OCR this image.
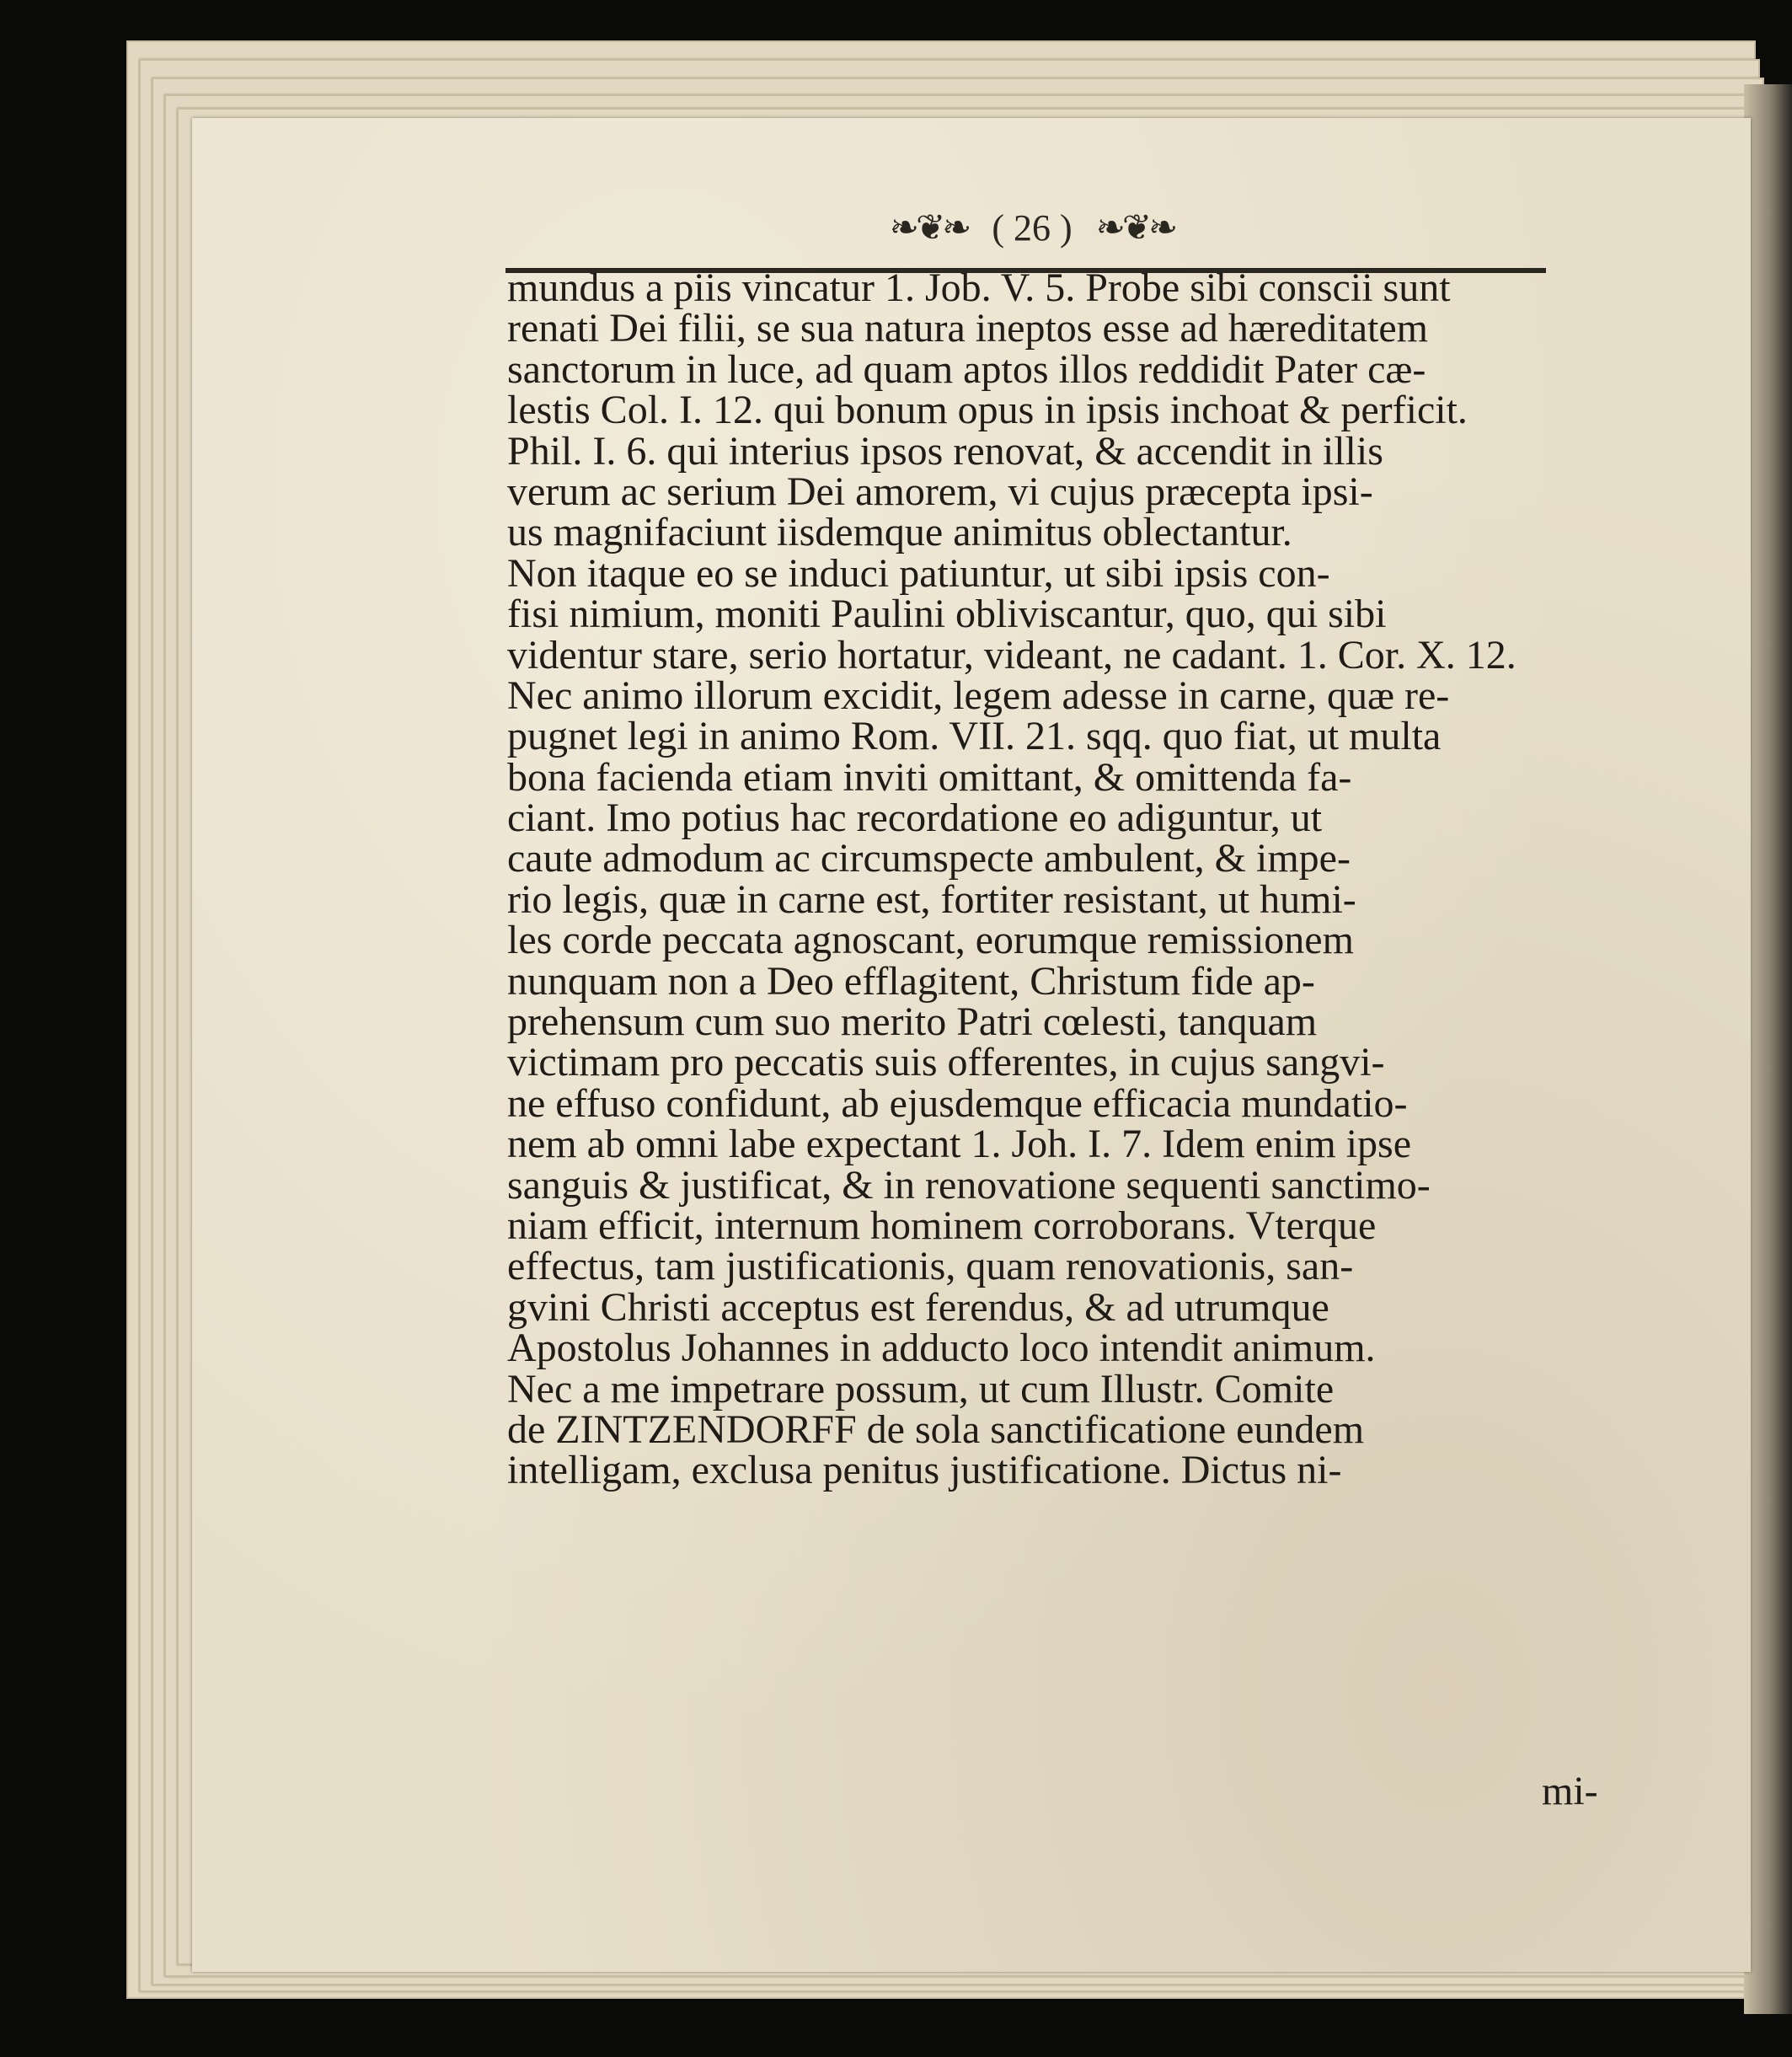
❧❦❧ ( 26 ) ❧❦❧
mundus a piis vincatur 1. Job. V. 5. Probe sibi conscii sunt
renati Dei filii, se sua natura ineptos esse ad hæreditatem
sanctorum in luce, ad quam aptos illos reddidit Pater cæ-
lestis Col. I. 12. qui bonum opus in ipsis inchoat & perficit.
Phil. I. 6. qui interius ipsos renovat, & accendit in illis
verum ac serium Dei amorem, vi cujus præcepta ipsi-
us magnifaciunt iisdemque animitus oblectantur.
Non itaque eo se induci patiuntur, ut sibi ipsis con-
fisi nimium, moniti Paulini obliviscantur, quo, qui sibi
videntur stare, serio hortatur, videant, ne cadant. 1. Cor. X. 12.
Nec animo illorum excidit, legem adesse in carne, quæ re-
pugnet legi in animo Rom. VII. 21. sqq. quo fiat, ut multa
bona facienda etiam inviti omittant, & omittenda fa-
ciant. Imo potius hac recordatione eo adiguntur, ut
caute admodum ac circumspecte ambulent, & impe-
rio legis, quæ in carne est, fortiter resistant, ut humi-
les corde peccata agnoscant, eorumque remissionem
nunquam non a Deo efflagitent, Christum fide ap-
prehensum cum suo merito Patri cœlesti, tanquam
victimam pro peccatis suis offerentes, in cujus sangvi-
ne effuso confidunt, ab ejusdemque efficacia mundatio-
nem ab omni labe expectant 1. Joh. I. 7. Idem enim ipse
sanguis & justificat, & in renovatione sequenti sanctimo-
niam efficit, internum hominem corroborans. Vterque
effectus, tam justificationis, quam renovationis, san-
gvini Christi acceptus est ferendus, & ad utrumque
Apostolus Johannes in adducto loco intendit animum.
Nec a me impetrare possum, ut cum Illustr. Comite
de ZINTZENDORFF de sola sanctificatione eundem
intelligam, exclusa penitus justificatione. Dictus ni-
mi-
